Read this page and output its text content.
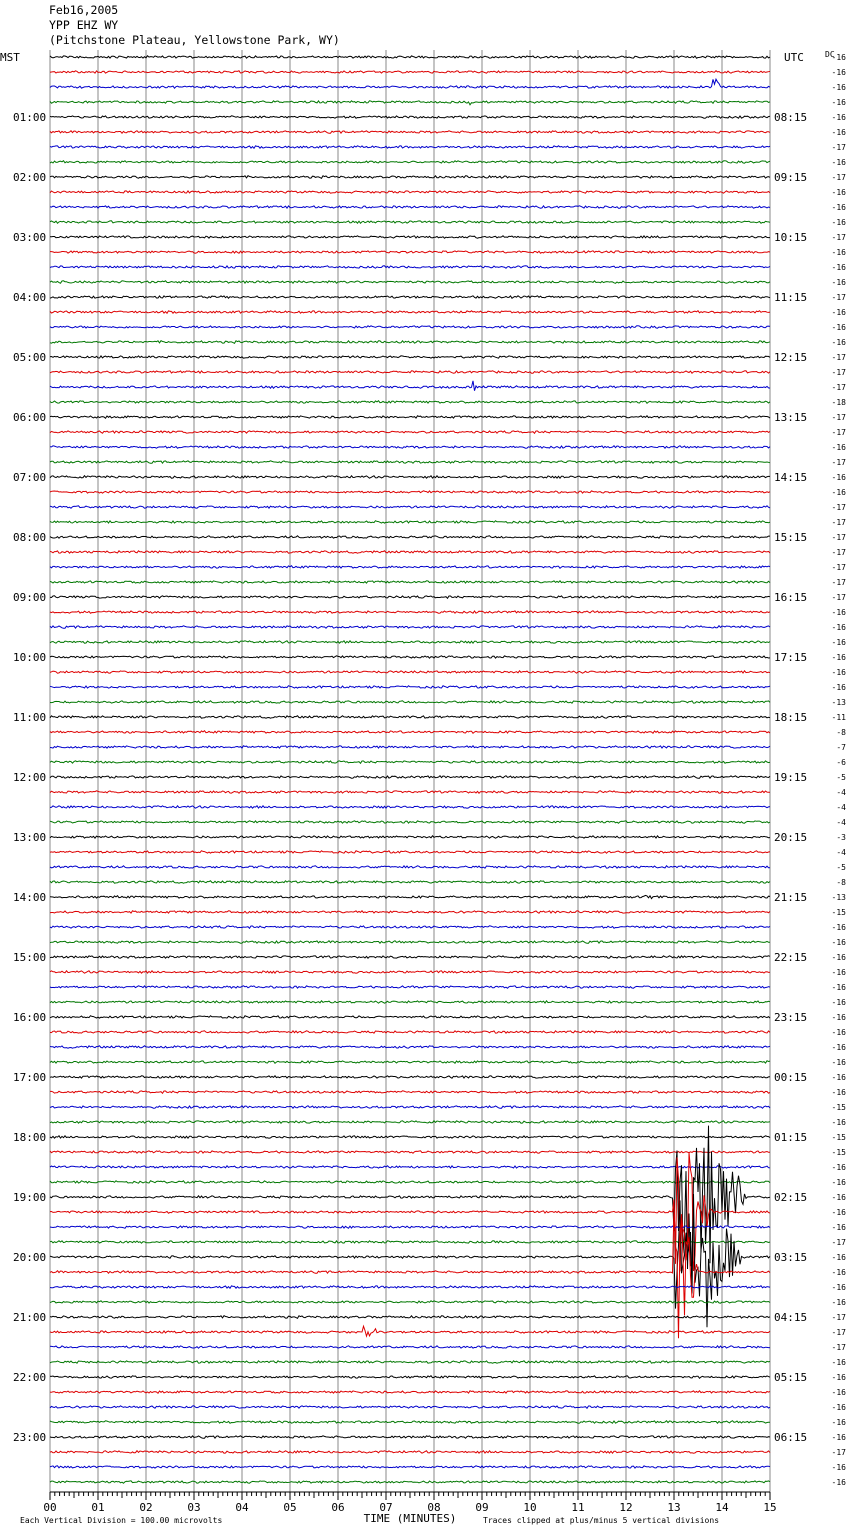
Feb16,2005
YPP EHZ WY
(Pitchstone Plateau, Yellowstone Park, WY)
00	01	02	03	04	05	06	07	08	09	10	11	12	13	14	15
MST	UTC	DC
01:00
02:00
03:00
04:00
05:00
06:00
07:00
08:00
09:00
10:00
11:00
12:00
13:00
14:00
15:00
16:00
17:00
18:00
19:00
20:00
21:00
22:00
23:00
08:15
09:15
10:15
11:15
12:15
13:15
14:15
15:15
16:15
17:15
18:15
19:15
20:15
21:15
22:15
23:15
00:15
01:15
02:15
03:15
04:15
05:15
06:15
-16
-16
-16
-16
-16
-16
-17
-16
-17
-16
-16
-16
-17
-16
-16
-16
-17
-16
-16
-16
-17
-17
-17
-18
-17
-17
-16
-17
-16
-16
-17
-17
-17
-17
-17
-17
-17
-16
-16
-16
-16
-16
-16
-13
-11
-8
-7
-6
-5
-4
-4
-4
-3
-4
-5
-8
-13
-15
-16
-16
-16
-16
-16
-16
-16
-16
-16
-16
-16
-16
-15
-16
-15
-15
-16
-16
-16
-16
-16
-17
-16
-16
-16
-16
-17
-17
-17
-16
-16
-16
-16
-16
-16
-17
-16
-16
Each Vertical Division = 100.00 microvolts	TIME (MINUTES)	Traces clipped at plus/minus 5 vertical divisions
